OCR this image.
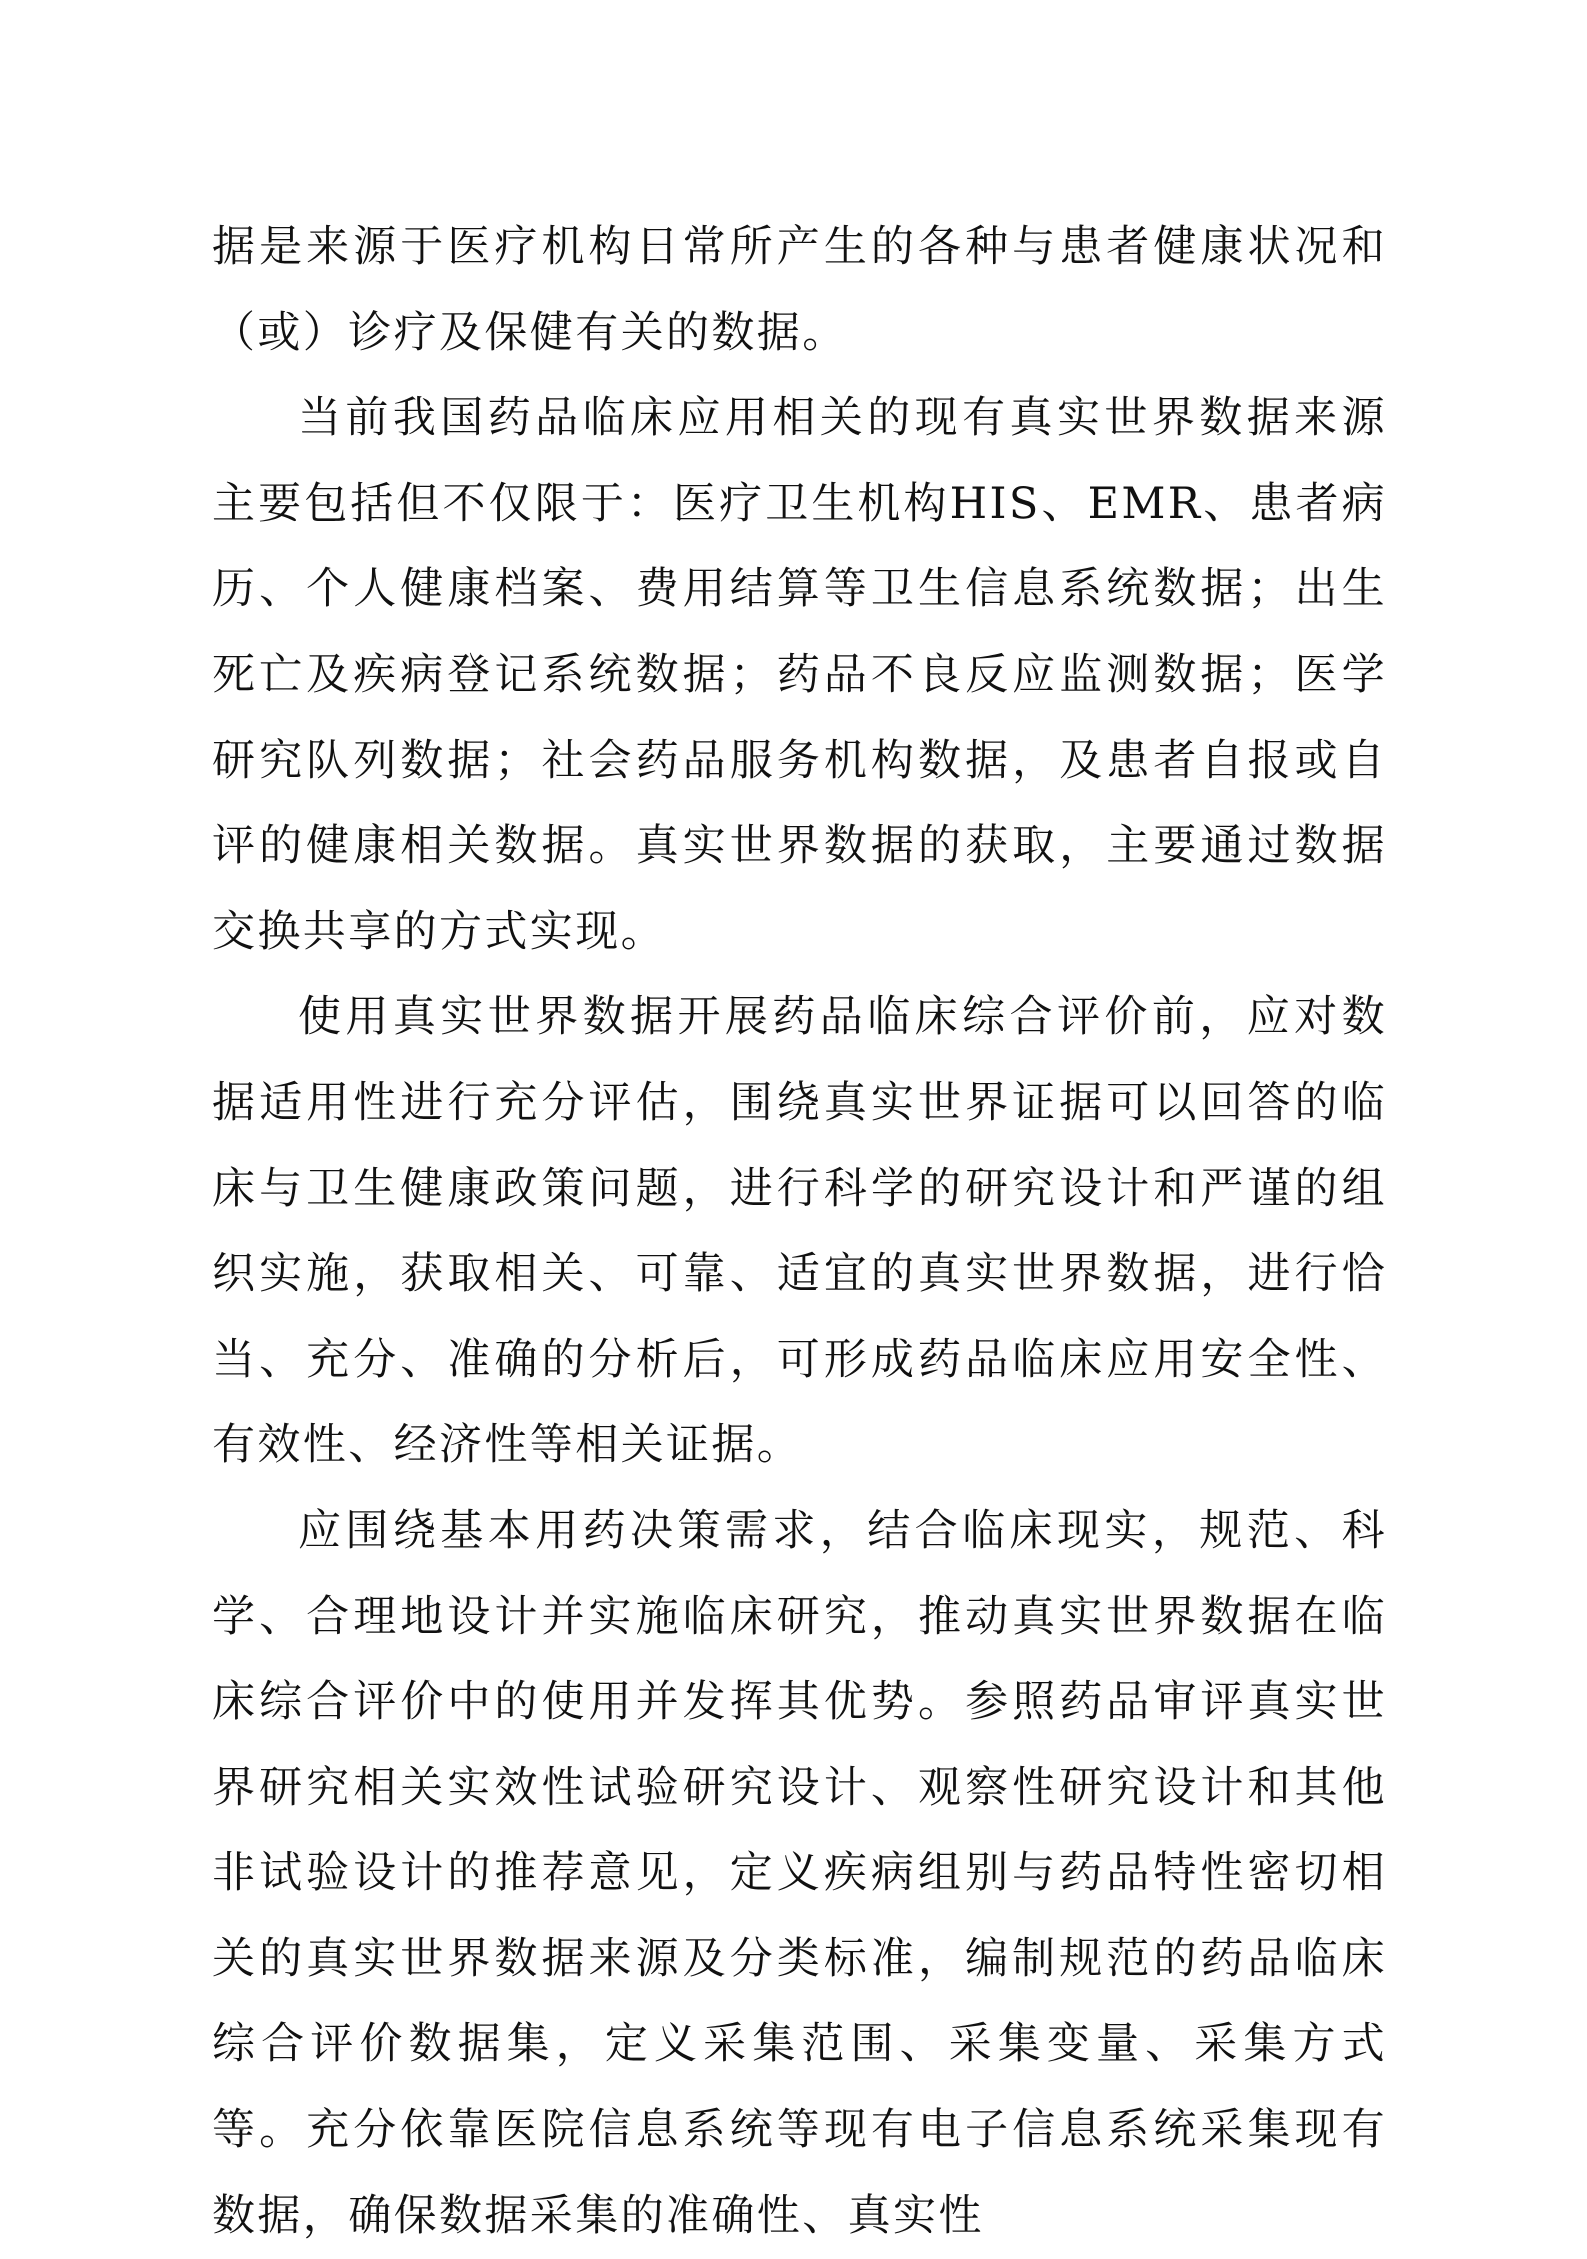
据是来源于医疗机构日常所产生的各种与患者健康状况和（或）诊疗及保健有关的数据。

当前我国药品临床应用相关的现有真实世界数据来源主要包括但不仅限于：医疗卫生机构HIS、EMR、患者病历、个人健康档案、费用结算等卫生信息系统数据；出生死亡及疾病登记系统数据；药品不良反应监测数据；医学研究队列数据；社会药品服务机构数据，及患者自报或自评的健康相关数据。真实世界数据的获取，主要通过数据交换共享的方式实现。

使用真实世界数据开展药品临床综合评价前，应对数据适用性进行充分评估，围绕真实世界证据可以回答的临床与卫生健康政策问题，进行科学的研究设计和严谨的组织实施，获取相关、可靠、适宜的真实世界数据，进行恰当、充分、准确的分析后，可形成药品临床应用安全性、有效性、经济性等相关证据。

应围绕基本用药决策需求，结合临床现实，规范、科学、合理地设计并实施临床研究，推动真实世界数据在临床综合评价中的使用并发挥其优势。参照药品审评真实世界研究相关实效性试验研究设计、观察性研究设计和其他非试验设计的推荐意见，定义疾病组别与药品特性密切相关的真实世界数据来源及分类标准，编制规范的药品临床综合评价数据集，定义采集范围、采集变量、采集方式等。充分依靠医院信息系统等现有电子信息系统采集现有数据，确保数据采集的准确性、真实性
